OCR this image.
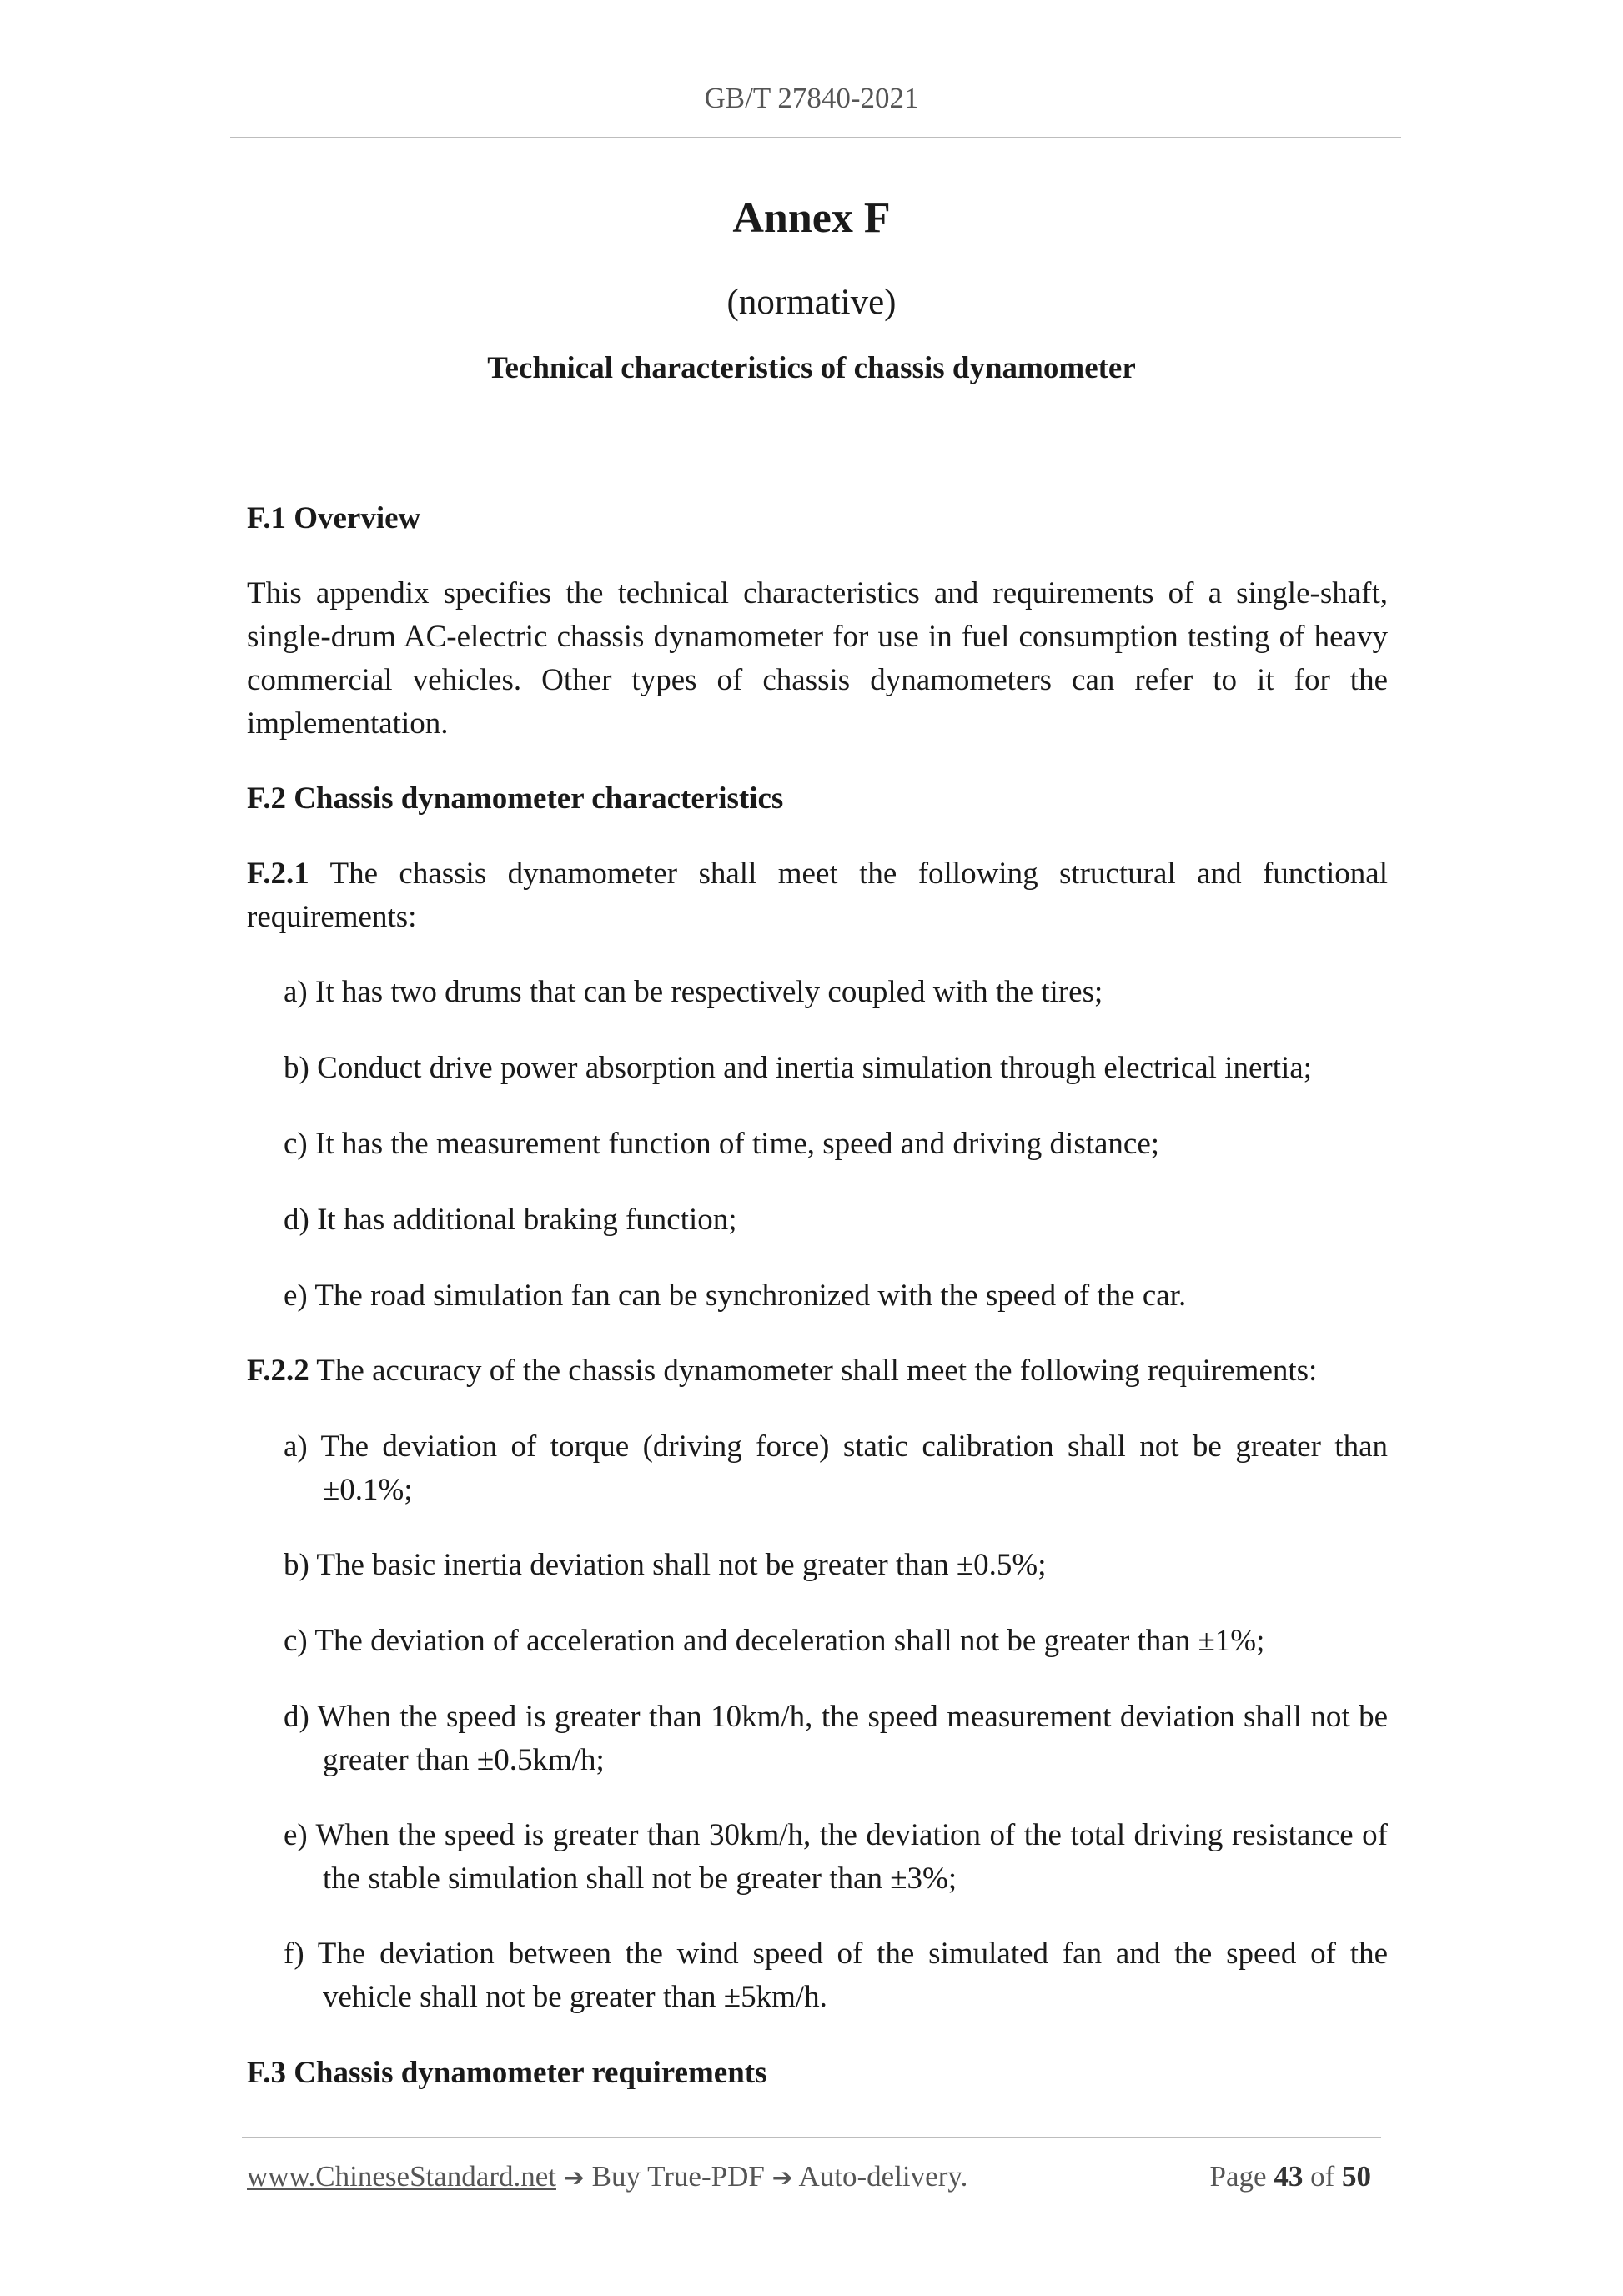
GB/T 27840-2021
Annex F
(normative)
Technical characteristics of chassis dynamometer
F.1 Overview
This appendix specifies the technical characteristics and requirements of a single-shaft, single-drum AC-electric chassis dynamometer for use in fuel consumption testing of heavy commercial vehicles. Other types of chassis dynamometers can refer to it for the implementation.
F.2 Chassis dynamometer characteristics
F.2.1 The chassis dynamometer shall meet the following structural and functional requirements:
a) It has two drums that can be respectively coupled with the tires;
b) Conduct drive power absorption and inertia simulation through electrical inertia;
c) It has the measurement function of time, speed and driving distance;
d) It has additional braking function;
e) The road simulation fan can be synchronized with the speed of the car.
F.2.2 The accuracy of the chassis dynamometer shall meet the following requirements:
a) The deviation of torque (driving force) static calibration shall not be greater than ±0.1%;
b) The basic inertia deviation shall not be greater than ±0.5%;
c) The deviation of acceleration and deceleration shall not be greater than ±1%;
d) When the speed is greater than 10km/h, the speed measurement deviation shall not be greater than ±0.5km/h;
e) When the speed is greater than 30km/h, the deviation of the total driving resistance of the stable simulation shall not be greater than ±3%;
f) The deviation between the wind speed of the simulated fan and the speed of the vehicle shall not be greater than ±5km/h.
F.3 Chassis dynamometer requirements
www.ChineseStandard.net ➔ Buy True-PDF ➔ Auto-delivery.	Page 43 of 50
